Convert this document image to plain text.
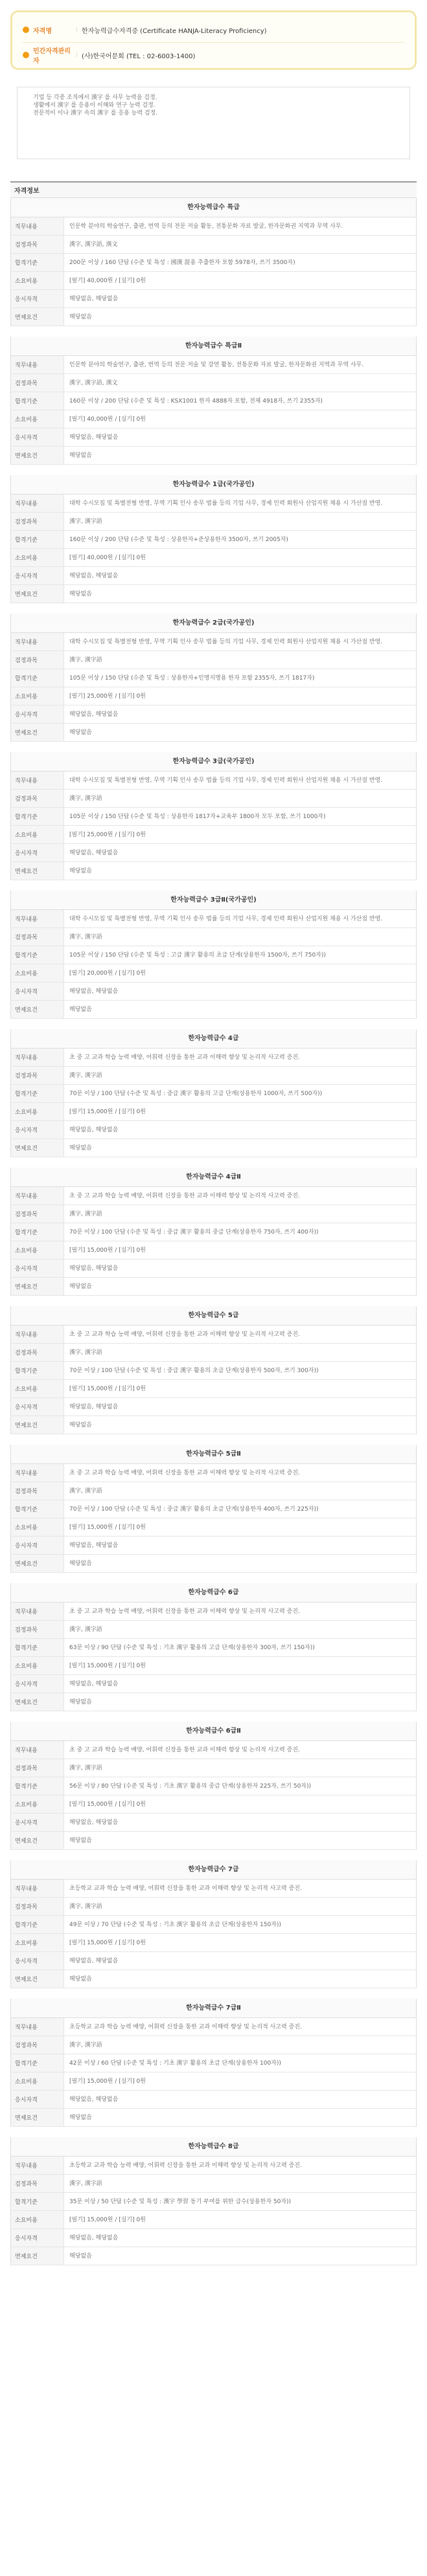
자격명	: 한자능력급수자격증 (Certificate HANJA-Literacy Proficiency)
민간자격관리자
: (사)한국어문회 (TEL : 02-6003-1400)

기업 등 각종 조직에서 漢字 를 사무 능력을 검정.

생활에서 漢字 를 응용이 이해와 연구 능력 검정.

전문적이 이나 漢字 속의 漢字 를 응용 능력 검정.

자격정보
한자능력급수 특급
직무내용	인문학 분야의 학술연구, 출판, 번역 등의 전문 저술 활동, 전통문화 자료 발굴, 한자문화권 지역과 무역 사무.
검정과목	漢字, 漢字語, 漢文
합격기준	200문 이상 / 160 단답 (수준 및 특성 : 國漢 混용 추출한자 포함 5978자, 쓰기 3500자)
소요비용	[필기] 40,000원 / [실기] 0원
응시자격	해당없음, 해당없음
면제요건	해당없음
한자능력급수 특급Ⅱ
직무내용	인문학 분야의 학술연구, 출판, 번역 등의 전문 저술 및 강연 활동, 전통문화 자료 발굴, 한자문화권 지역과 무역 사무.
검정과목	漢字, 漢字語, 漢文
합격기준	160문 이상 / 200 단답 (수준 및 특성 : KSX1001 한자 4888자 포함, 전체 4918자, 쓰기 2355자)
소요비용	[필기] 40,000원 / [실기] 0원
응시자격	해당없음, 해당없음
면제요건	해당없음
한자능력급수 1급(국가공인)
직무내용	대학 수시모집 및 특별전형 반영, 무역 기획 인사 송무 법률 등의 기업 사무, 경제 인력 회원사 산업지원 채용 시 가산점 반영.
검정과목	漢字, 漢字語
합격기준	160문 이상 / 200 단답 (수준 및 특성 : 상용한자+준상용한자 3500자, 쓰기 2005자)
소요비용	[필기] 40,000원 / [실기] 0원
응시자격	해당없음, 해당없음
면제요건	해당없음
한자능력급수 2급(국가공인)
직무내용	대학 수시모집 및 특별전형 반영, 무역 기획 인사 송무 법률 등의 기업 사무, 경제 인력 회원사 산업지원 채용 시 가산점 반영.
검정과목	漢字, 漢字語
합격기준	105문 이상 / 150 단답 (수준 및 특성 : 상용한자+인명지명용 한자 포함 2355자, 쓰기 1817자)
소요비용	[필기] 25,000원 / [실기] 0원
응시자격	해당없음, 해당없음
면제요건	해당없음
한자능력급수 3급(국가공인)
직무내용	대학 수시모집 및 특별전형 반영, 무역 기획 인사 송무 법률 등의 기업 사무, 경제 인력 회원사 산업지원 채용 시 가산점 반영.
검정과목	漢字, 漢字語
합격기준	105문 이상 / 150 단답 (수준 및 특성 : 상용한자 1817자+교육부 1800자 모두 포함, 쓰기 1000자)
소요비용	[필기] 25,000원 / [실기] 0원
응시자격	해당없음, 해당없음
면제요건	해당없음
한자능력급수 3급Ⅱ(국가공인)
직무내용	대학 수시모집 및 특별전형 반영, 무역 기획 인사 송무 법률 등의 기업 사무, 경제 인력 회원사 산업지원 채용 시 가산점 반영.
검정과목	漢字, 漢字語
합격기준	105문 이상 / 150 단답 (수준 및 특성 : 고급 漢字 활용의 초급 단계(상용한자 1500자, 쓰기 750자))
소요비용	[필기] 20,000원 / [실기] 0원
응시자격	해당없음, 해당없음
면제요건	해당없음
한자능력급수 4급
직무내용	초 중 고 교과 학습 능력 배양, 어휘력 신장을 통한 교과 이해력 향상 및 논리적 사고력 증진.
검정과목	漢字, 漢字語
합격기준	70문 이상 / 100 단답 (수준 및 특성 : 중급 漢字 활용의 고급 단계(상용한자 1000자, 쓰기 500자))
소요비용	[필기] 15,000원 / [실기] 0원
응시자격	해당없음, 해당없음
면제요건	해당없음
한자능력급수 4급Ⅱ
직무내용	초 중 고 교과 학습 능력 배양, 어휘력 신장을 통한 교과 이해력 향상 및 논리적 사고력 증진.
검정과목	漢字, 漢字語
합격기준	70문 이상 / 100 단답 (수준 및 특성 : 중급 漢字 활용의 중급 단계(상용한자 750자, 쓰기 400자))
소요비용	[필기] 15,000원 / [실기] 0원
응시자격	해당없음, 해당없음
면제요건	해당없음
한자능력급수 5급
직무내용	초 중 고 교과 학습 능력 배양, 어휘력 신장을 통한 교과 이해력 향상 및 논리적 사고력 증진.
검정과목	漢字, 漢字語
합격기준	70문 이상 / 100 단답 (수준 및 특성 : 중급 漢字 활용의 초급 단계(상용한자 500자, 쓰기 300자))
소요비용	[필기] 15,000원 / [실기] 0원
응시자격	해당없음, 해당없음
면제요건	해당없음
한자능력급수 5급Ⅱ
직무내용	초 중 고 교과 학습 능력 배양, 어휘력 신장을 통한 교과 이해력 향상 및 논리적 사고력 증진.
검정과목	漢字, 漢字語
합격기준	70문 이상 / 100 단답 (수준 및 특성 : 중급 漢字 활용의 초급 단계(상용한자 400자, 쓰기 225자))
소요비용	[필기] 15,000원 / [실기] 0원
응시자격	해당없음, 해당없음
면제요건	해당없음
한자능력급수 6급
직무내용	초 중 고 교과 학습 능력 배양, 어휘력 신장을 통한 교과 이해력 향상 및 논리적 사고력 증진.
검정과목	漢字, 漢字語
합격기준	63문 이상 / 90 단답 (수준 및 특성 : 기초 漢字 활용의 고급 단계(상용한자 300자, 쓰기 150자))
소요비용	[필기] 15,000원 / [실기] 0원
응시자격	해당없음, 해당없음
면제요건	해당없음
한자능력급수 6급Ⅱ
직무내용	초 중 고 교과 학습 능력 배양, 어휘력 신장을 통한 교과 이해력 향상 및 논리적 사고력 증진.
검정과목	漢字, 漢字語
합격기준	56문 이상 / 80 단답 (수준 및 특성 : 기초 漢字 활용의 중급 단계(상용한자 225자, 쓰기 50자))
소요비용	[필기] 15,000원 / [실기] 0원
응시자격	해당없음, 해당없음
면제요건	해당없음
한자능력급수 7급
직무내용	초등학교 교과 학습 능력 배양, 어휘력 신장을 통한 교과 이해력 향상 및 논리적 사고력 증진.
검정과목	漢字, 漢字語
합격기준	49문 이상 / 70 단답 (수준 및 특성 : 기초 漢字 활용의 초급 단계(상용한자 150자))
소요비용	[필기] 15,000원 / [실기] 0원
응시자격	해당없음, 해당없음
면제요건	해당없음
한자능력급수 7급Ⅱ
직무내용	초등학교 교과 학습 능력 배양, 어휘력 신장을 통한 교과 이해력 향상 및 논리적 사고력 증진.
검정과목	漢字, 漢字語
합격기준	42문 이상 / 60 단답 (수준 및 특성 : 기초 漢字 활용의 초급 단계(상용한자 100자))
소요비용	[필기] 15,000원 / [실기] 0원
응시자격	해당없음, 해당없음
면제요건	해당없음
한자능력급수 8급
직무내용	초등학교 교과 학습 능력 배양, 어휘력 신장을 통한 교과 이해력 향상 및 논리적 사고력 증진.
검정과목	漢字, 漢字語
합격기준	35문 이상 / 50 단답 (수준 및 특성 : 漢字 學習 동기 부여를 위한 급수(상용한자 50자))
소요비용	[필기] 15,000원 / [실기] 0원
응시자격	해당없음, 해당없음
면제요건	해당없음
